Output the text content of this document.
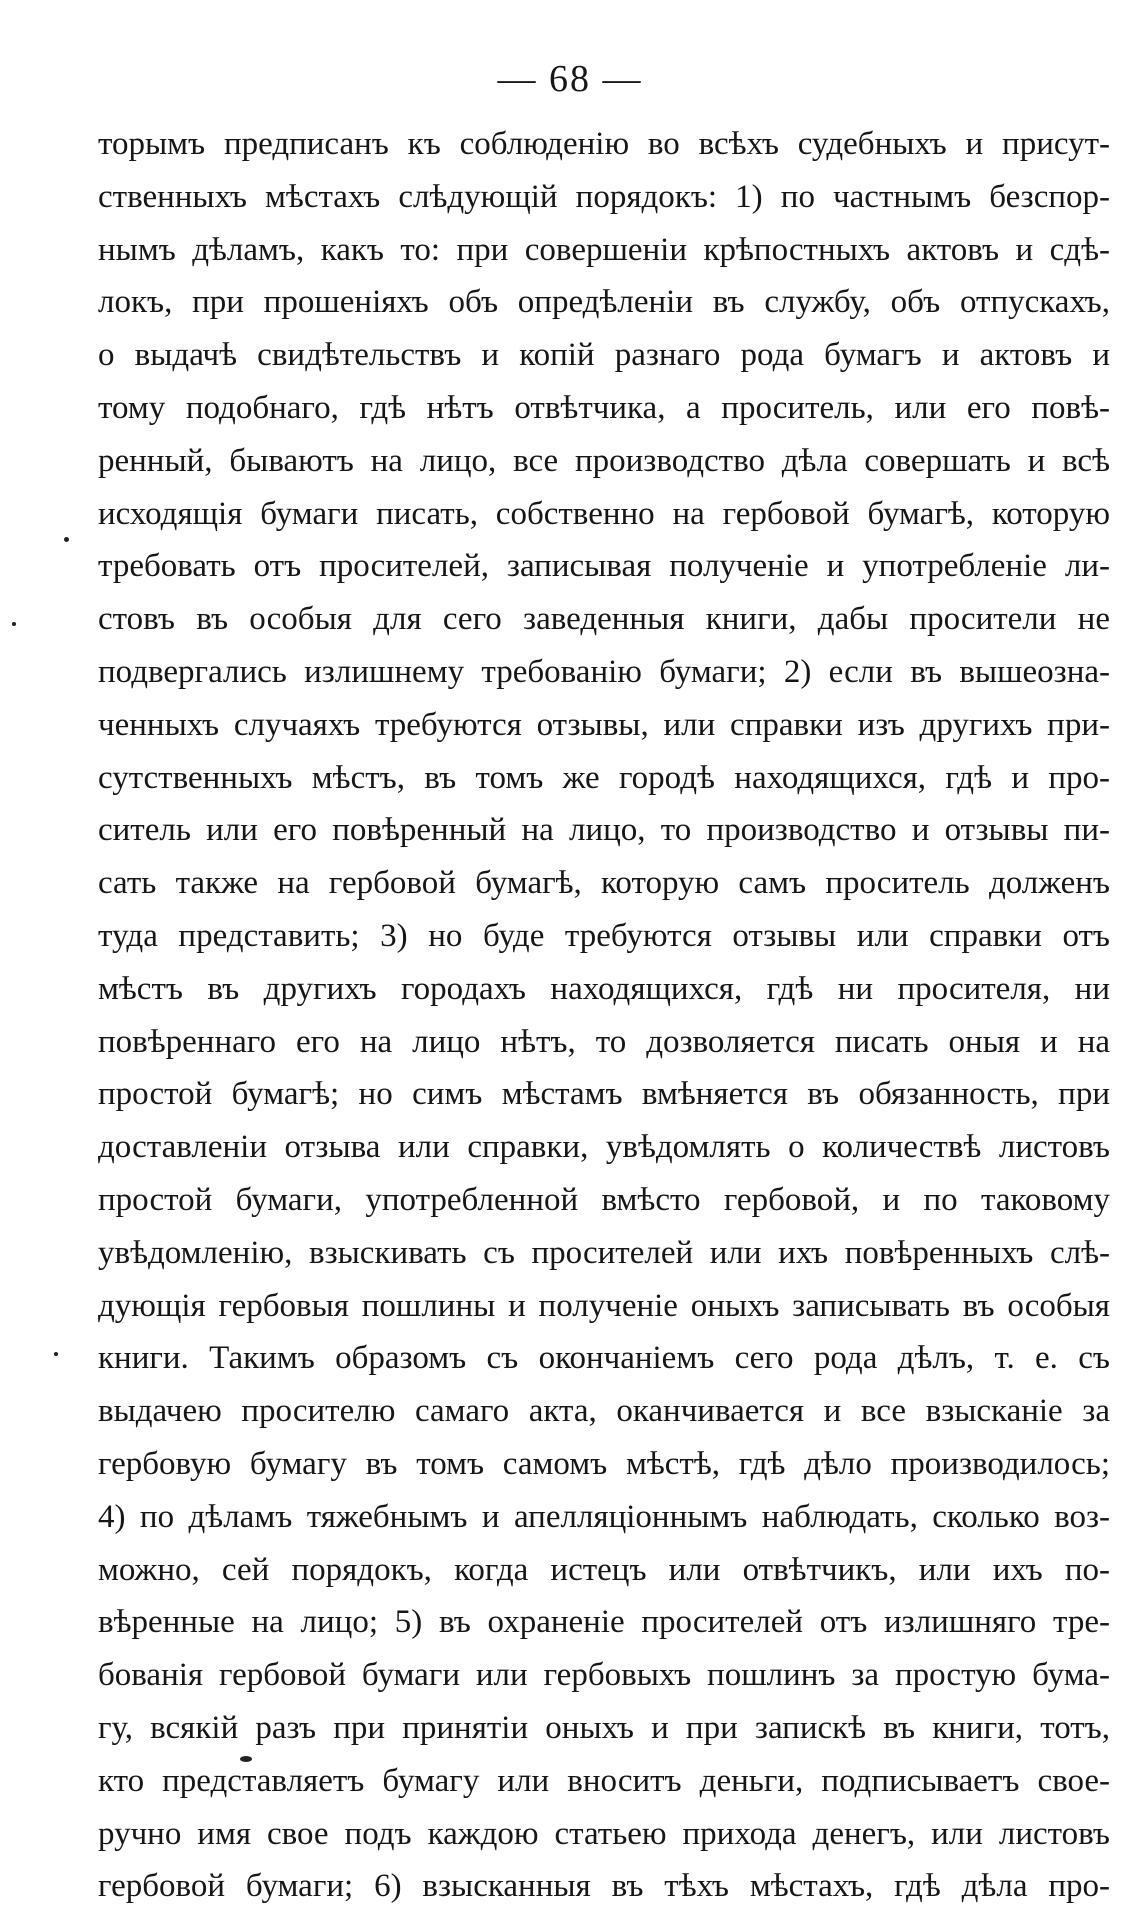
— 68 —
торымъ предписанъ къ соблюденію во всѣхъ судебныхъ и присут-
ственныхъ мѣстахъ слѣдующій порядокъ: 1) по частнымъ безспор-
нымъ дѣламъ, какъ то: при совершеніи крѣпостныхъ актовъ и сдѣ-
локъ, при прошеніяхъ объ опредѣленіи въ службу, объ отпускахъ,
о выдачѣ свидѣтельствъ и копій разнаго рода бумагъ и актовъ и
тому подобнаго, гдѣ нѣтъ отвѣтчика, а проситель, или его повѣ-
ренный, бываютъ на лицо, все производство дѣла совершать и всѣ
исходящія бумаги писать, собственно на гербовой бумагѣ, которую
требовать отъ просителей, записывая полученіе и употребленіе ли-
стовъ въ особыя для сего заведенныя книги, дабы просители не
подвергались излишнему требованію бумаги; 2) если въ вышеозна-
ченныхъ случаяхъ требуются отзывы, или справки изъ другихъ при-
сутственныхъ мѣстъ, въ томъ же городѣ находящихся, гдѣ и про-
ситель или его повѣренный на лицо, то производство и отзывы пи-
сать также на гербовой бумагѣ, которую самъ проситель долженъ
туда представить; 3) но буде требуются отзывы или справки отъ
мѣстъ въ другихъ городахъ находящихся, гдѣ ни просителя, ни
повѣреннаго его на лицо нѣтъ, то дозволяется писать оныя и на
простой бумагѣ; но симъ мѣстамъ вмѣняется въ обязанность, при
доставленіи отзыва или справки, увѣдомлять о количествѣ листовъ
простой бумаги, употребленной вмѣсто гербовой, и по таковому
увѣдомленію, взыскивать съ просителей или ихъ повѣренныхъ слѣ-
дующія гербовыя пошлины и полученіе оныхъ записывать въ особыя
книги. Такимъ образомъ съ окончаніемъ сего рода дѣлъ, т. е. съ
выдачею просителю самаго акта, оканчивается и все взысканіе за
гербовую бумагу въ томъ самомъ мѣстѣ, гдѣ дѣло производилось;
4) по дѣламъ тяжебнымъ и апелляціоннымъ наблюдать, сколько воз-
можно, сей порядокъ, когда истецъ или отвѣтчикъ, или ихъ по-
вѣренные на лицо; 5) въ охраненіе просителей отъ излишняго тре-
бованія гербовой бумаги или гербовыхъ пошлинъ за простую бума-
гу, всякій разъ при принятіи оныхъ и при запискѣ въ книги, тотъ,
кто представляетъ бумагу или вноситъ деньги, подписываетъ свое-
ручно имя свое подъ каждою статьею прихода денегъ, или листовъ
гербовой бумаги; 6) взысканныя въ тѣхъ мѣстахъ, гдѣ дѣла про-
